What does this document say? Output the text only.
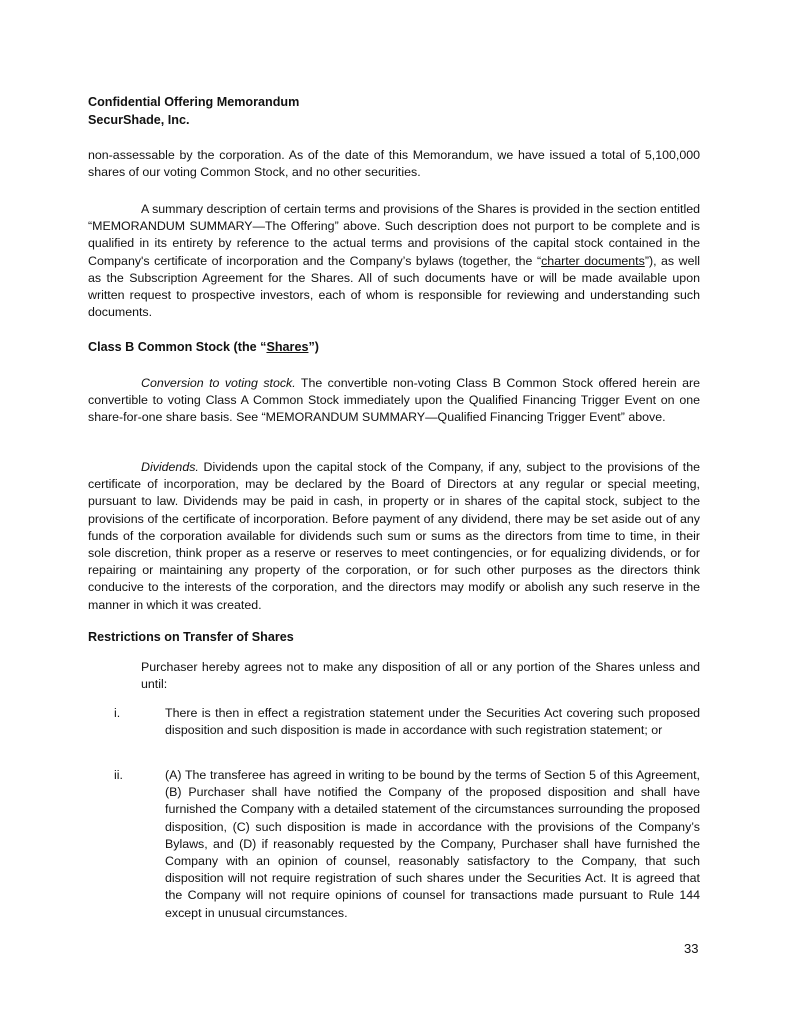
Confidential Offering Memorandum
SecurShade, Inc.
non-assessable by the corporation. As of the date of this Memorandum, we have issued a total of 5,100,000 shares of our voting Common Stock, and no other securities.
A summary description of certain terms and provisions of the Shares is provided in the section entitled “MEMORANDUM SUMMARY—The Offering” above. Such description does not purport to be complete and is qualified in its entirety by reference to the actual terms and provisions of the capital stock contained in the Company's certificate of incorporation and the Company’s bylaws (together, the “charter documents”), as well as the Subscription Agreement for the Shares. All of such documents have or will be made available upon written request to prospective investors, each of whom is responsible for reviewing and understanding such documents.
Class B Common Stock (the “Shares”)
Conversion to voting stock. The convertible non-voting Class B Common Stock offered herein are convertible to voting Class A Common Stock immediately upon the Qualified Financing Trigger Event on one share-for-one share basis. See “MEMORANDUM SUMMARY—Qualified Financing Trigger Event” above.
Dividends. Dividends upon the capital stock of the Company, if any, subject to the provisions of the certificate of incorporation, may be declared by the Board of Directors at any regular or special meeting, pursuant to law. Dividends may be paid in cash, in property or in shares of the capital stock, subject to the provisions of the certificate of incorporation. Before payment of any dividend, there may be set aside out of any funds of the corporation available for dividends such sum or sums as the directors from time to time, in their sole discretion, think proper as a reserve or reserves to meet contingencies, or for equalizing dividends, or for repairing or maintaining any property of the corporation, or for such other purposes as the directors think conducive to the interests of the corporation, and the directors may modify or abolish any such reserve in the manner in which it was created.
Restrictions on Transfer of Shares
Purchaser hereby agrees not to make any disposition of all or any portion of the Shares unless and until:
i.	There is then in effect a registration statement under the Securities Act covering such proposed disposition and such disposition is made in accordance with such registration statement; or
ii.	(A) The transferee has agreed in writing to be bound by the terms of Section 5 of this Agreement, (B) Purchaser shall have notified the Company of the proposed disposition and shall have furnished the Company with a detailed statement of the circumstances surrounding the proposed disposition, (C) such disposition is made in accordance with the provisions of the Company’s Bylaws, and (D) if reasonably requested by the Company, Purchaser shall have furnished the Company with an opinion of counsel, reasonably satisfactory to the Company, that such disposition will not require registration of such shares under the Securities Act. It is agreed that the Company will not require opinions of counsel for transactions made pursuant to Rule 144 except in unusual circumstances.
33
